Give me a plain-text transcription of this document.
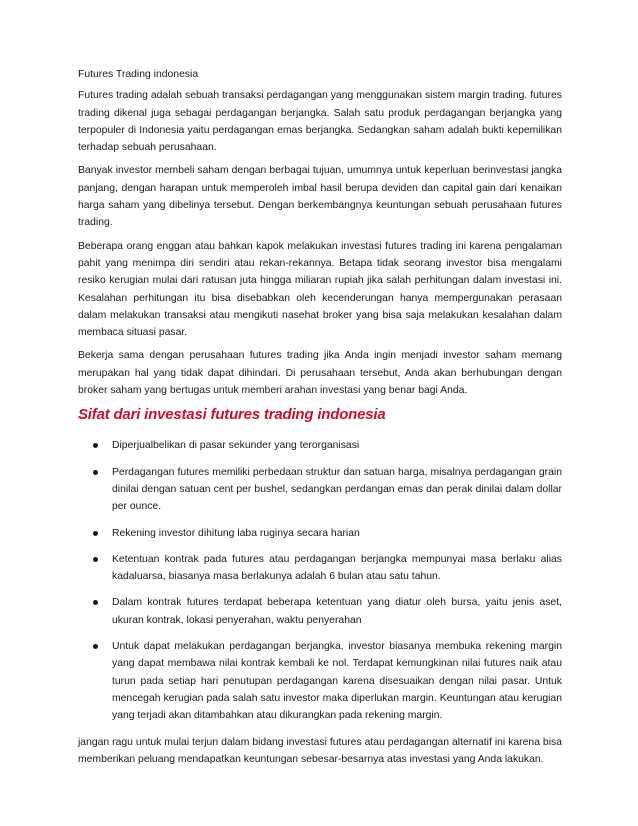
Futures Trading indonesia

Futures trading adalah sebuah transaksi perdagangan yang menggunakan sistem margin trading. futures trading dikenal juga sebagai perdagangan berjangka. Salah satu produk perdagangan berjangka yang terpopuler di Indonesia yaitu perdagangan emas berjangka. Sedangkan saham adalah bukti kepemilikan terhadap sebuah perusahaan.

Banyak investor membeli saham dengan berbagai tujuan, umumnya untuk keperluan berinvestasi jangka panjang, dengan harapan untuk memperoleh imbal hasil berupa deviden dan capital gain dari kenaikan harga saham yang dibelinya tersebut. Dengan berkembangnya keuntungan sebuah perusahaan futures trading.

Beberapa orang enggan atau bahkan kapok melakukan investasi futures trading ini karena pengalaman pahit yang menimpa diri sendiri atau rekan-rekannya. Betapa tidak seorang investor bisa mengalami resiko kerugian mulai dari ratusan juta hingga miliaran rupiah jika salah perhitungan dalam investasi ini. Kesalahan perhitungan itu bisa disebabkan oleh kecenderungan hanya mempergunakan perasaan dalam melakukan transaksi atau mengikuti nasehat broker yang bisa saja melakukan kesalahan dalam membaca situasi pasar.

Bekerja sama dengan perusahaan futures trading jika Anda ingin menjadi investor saham memang merupakan hal yang tidak dapat dihindari. Di perusahaan tersebut, Anda akan berhubungan dengan broker saham yang bertugas untuk memberi arahan investasi yang benar bagi Anda.

Sifat dari investasi futures trading indonesia
Diperjualbelikan di pasar sekunder yang terorganisasi
Perdagangan futures memiliki perbedaan struktur dan satuan harga, misalnya perdagangan grain dinilai dengan satuan cent per bushel, sedangkan perdangan emas dan perak dinilai dalam dollar per ounce.
Rekening investor dihitung laba ruginya secara harian
Ketentuan kontrak pada futures atau perdagangan berjangka mempunyai masa berlaku alias kadaluarsa, biasanya masa berlakunya adalah 6 bulan atau satu tahun.
Dalam kontrak futures terdapat beberapa ketentuan yang diatur oleh bursa, yaitu jenis aset, ukuran kontrak, lokasi penyerahan, waktu penyerahan
Untuk dapat melakukan perdagangan berjangka, investor biasanya membuka rekening margin yang dapat membawa nilai kontrak kembali ke nol. Terdapat kemungkinan nilai futures naik atau turun pada setiap hari penutupan perdagangan karena disesuaikan dengan nilai pasar. Untuk mencegah kerugian pada salah satu investor maka diperlukan margin. Keuntungan atau kerugian yang terjadi akan ditambahkan atau dikurangkan pada rekening margin.

jangan ragu untuk mulai terjun dalam bidang investasi futures atau perdagangan alternatif ini karena bisa memberikan peluang mendapatkan keuntungan sebesar-besarnya atas investasi yang Anda lakukan.
